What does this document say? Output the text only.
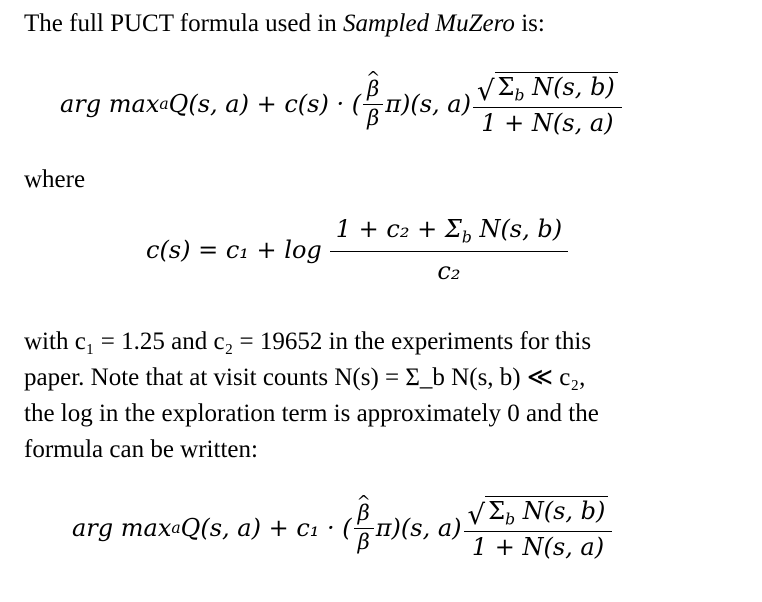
The full PUCT formula used in Sampled MuZero is:
arg max a Q(s, a) + c(s) · ( ^ $\frac{\beta}{\beta} \pi)(s$, $a) \frac{√ \Sigma_b N(s, b)}{1 + N(s, a)}$
where
$c(s) = c_1 + \log \frac{1 + c_2 + \Sigma_b N(s, b)}{\text{c₂}}$
with c₁ = 1.25 and c₂ = 19652 in the experiments for this
paper. Note that at visit counts N(s) = Σ_b N(s, b) ≪ c₂,
the log in the exploration term is approximately 0 and the
formula can be written:
arg max a Q(s, a) + c₁ · ( ^ $\frac{\beta}{\beta} \pi)(s$, $a) \frac{√ \Sigma_b N(s, b)}{1 + N(s, a)}$
